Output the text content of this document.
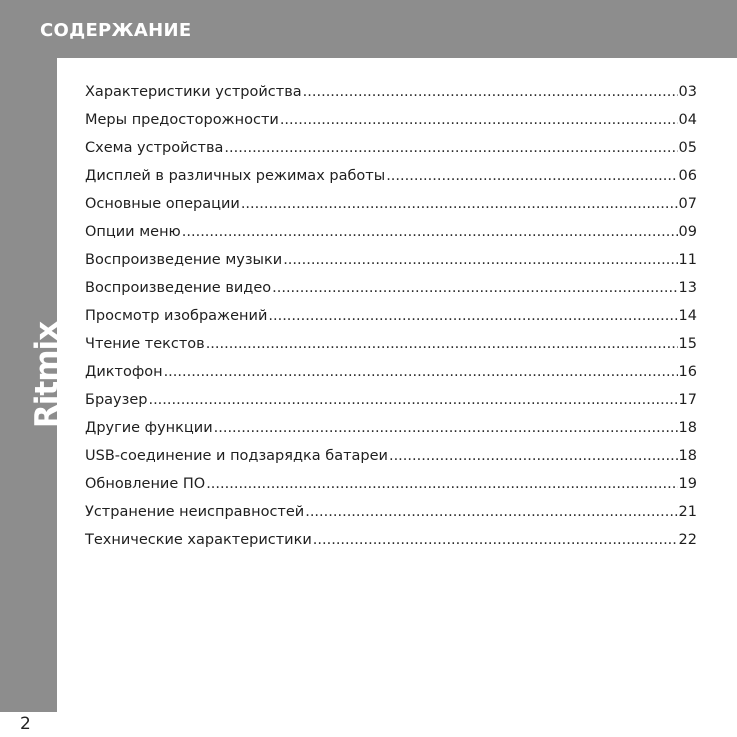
СОДЕРЖАНИЕ
2
Ritmix
Характеристики устройства .....	03
Меры предосторожности .....	04
Схема устройства .....	05
Дисплей в различных режимах работы .....	06
Основные операции .....	07
Опции меню .....	09
Воспроизведение музыки .....	11
Воспроизведение видео .....	13
Просмотр изображений .....	14
Чтение текстов .....	15
Диктофон .....	16
Браузер .....	17
Другие функции .....	18
USB-соединение и подзарядка батареи .....	18
Обновление ПО .....	19
Устранение неисправностей .....	21
Технические характеристики .....	22
